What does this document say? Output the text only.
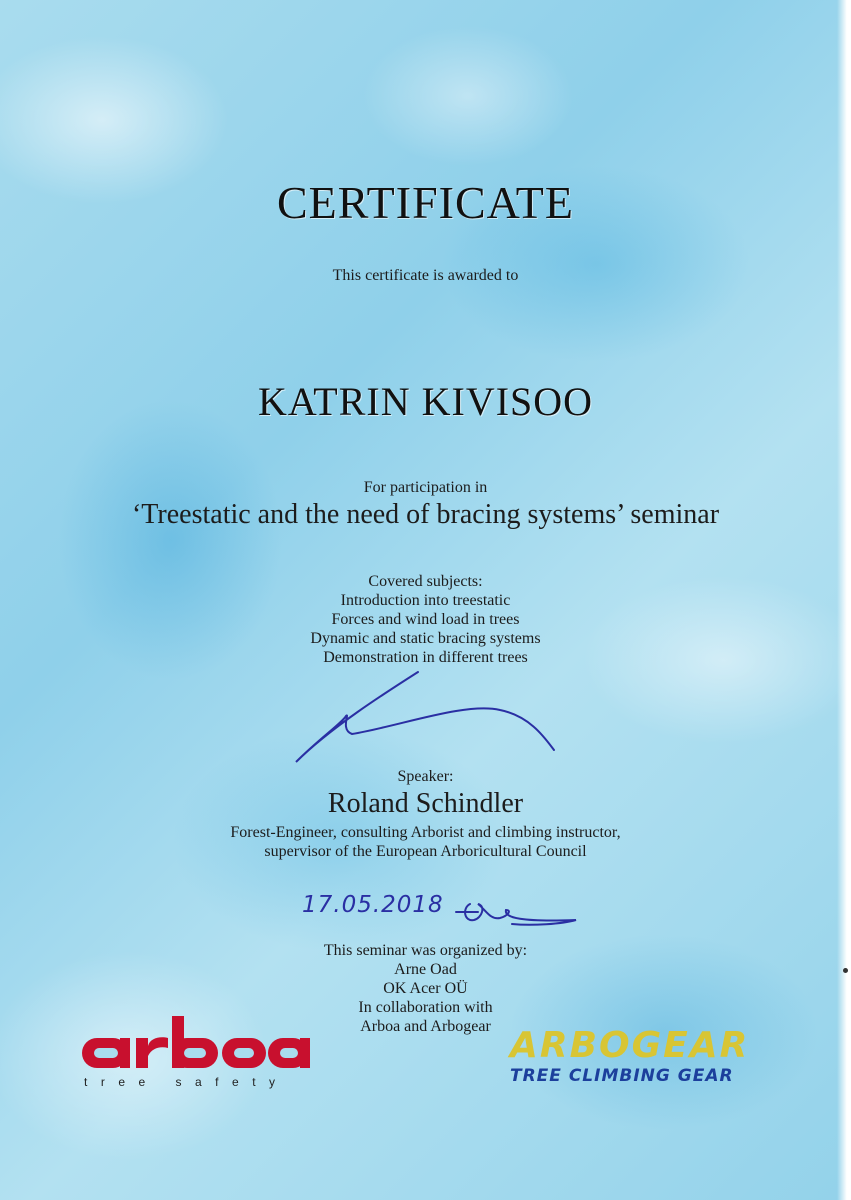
CERTIFICATE
This certificate is awarded to
KATRIN KIVISOO
For participation in
‘Treestatic and the need of bracing systems’ seminar
Covered subjects:
Introduction into treestatic
Forces and wind load in trees
Dynamic and static bracing systems
Demonstration in different trees
Speaker:
Roland Schindler
Forest-Engineer, consulting Arborist and climbing instructor,
supervisor of the European Arboricultural Council
17.05.2018
This seminar was organized by:
Arne Oad
OK Acer OÜ
In collaboration with
Arboa and Arbogear
tree safety
ARBOGEAR
TREE CLIMBING GEAR
